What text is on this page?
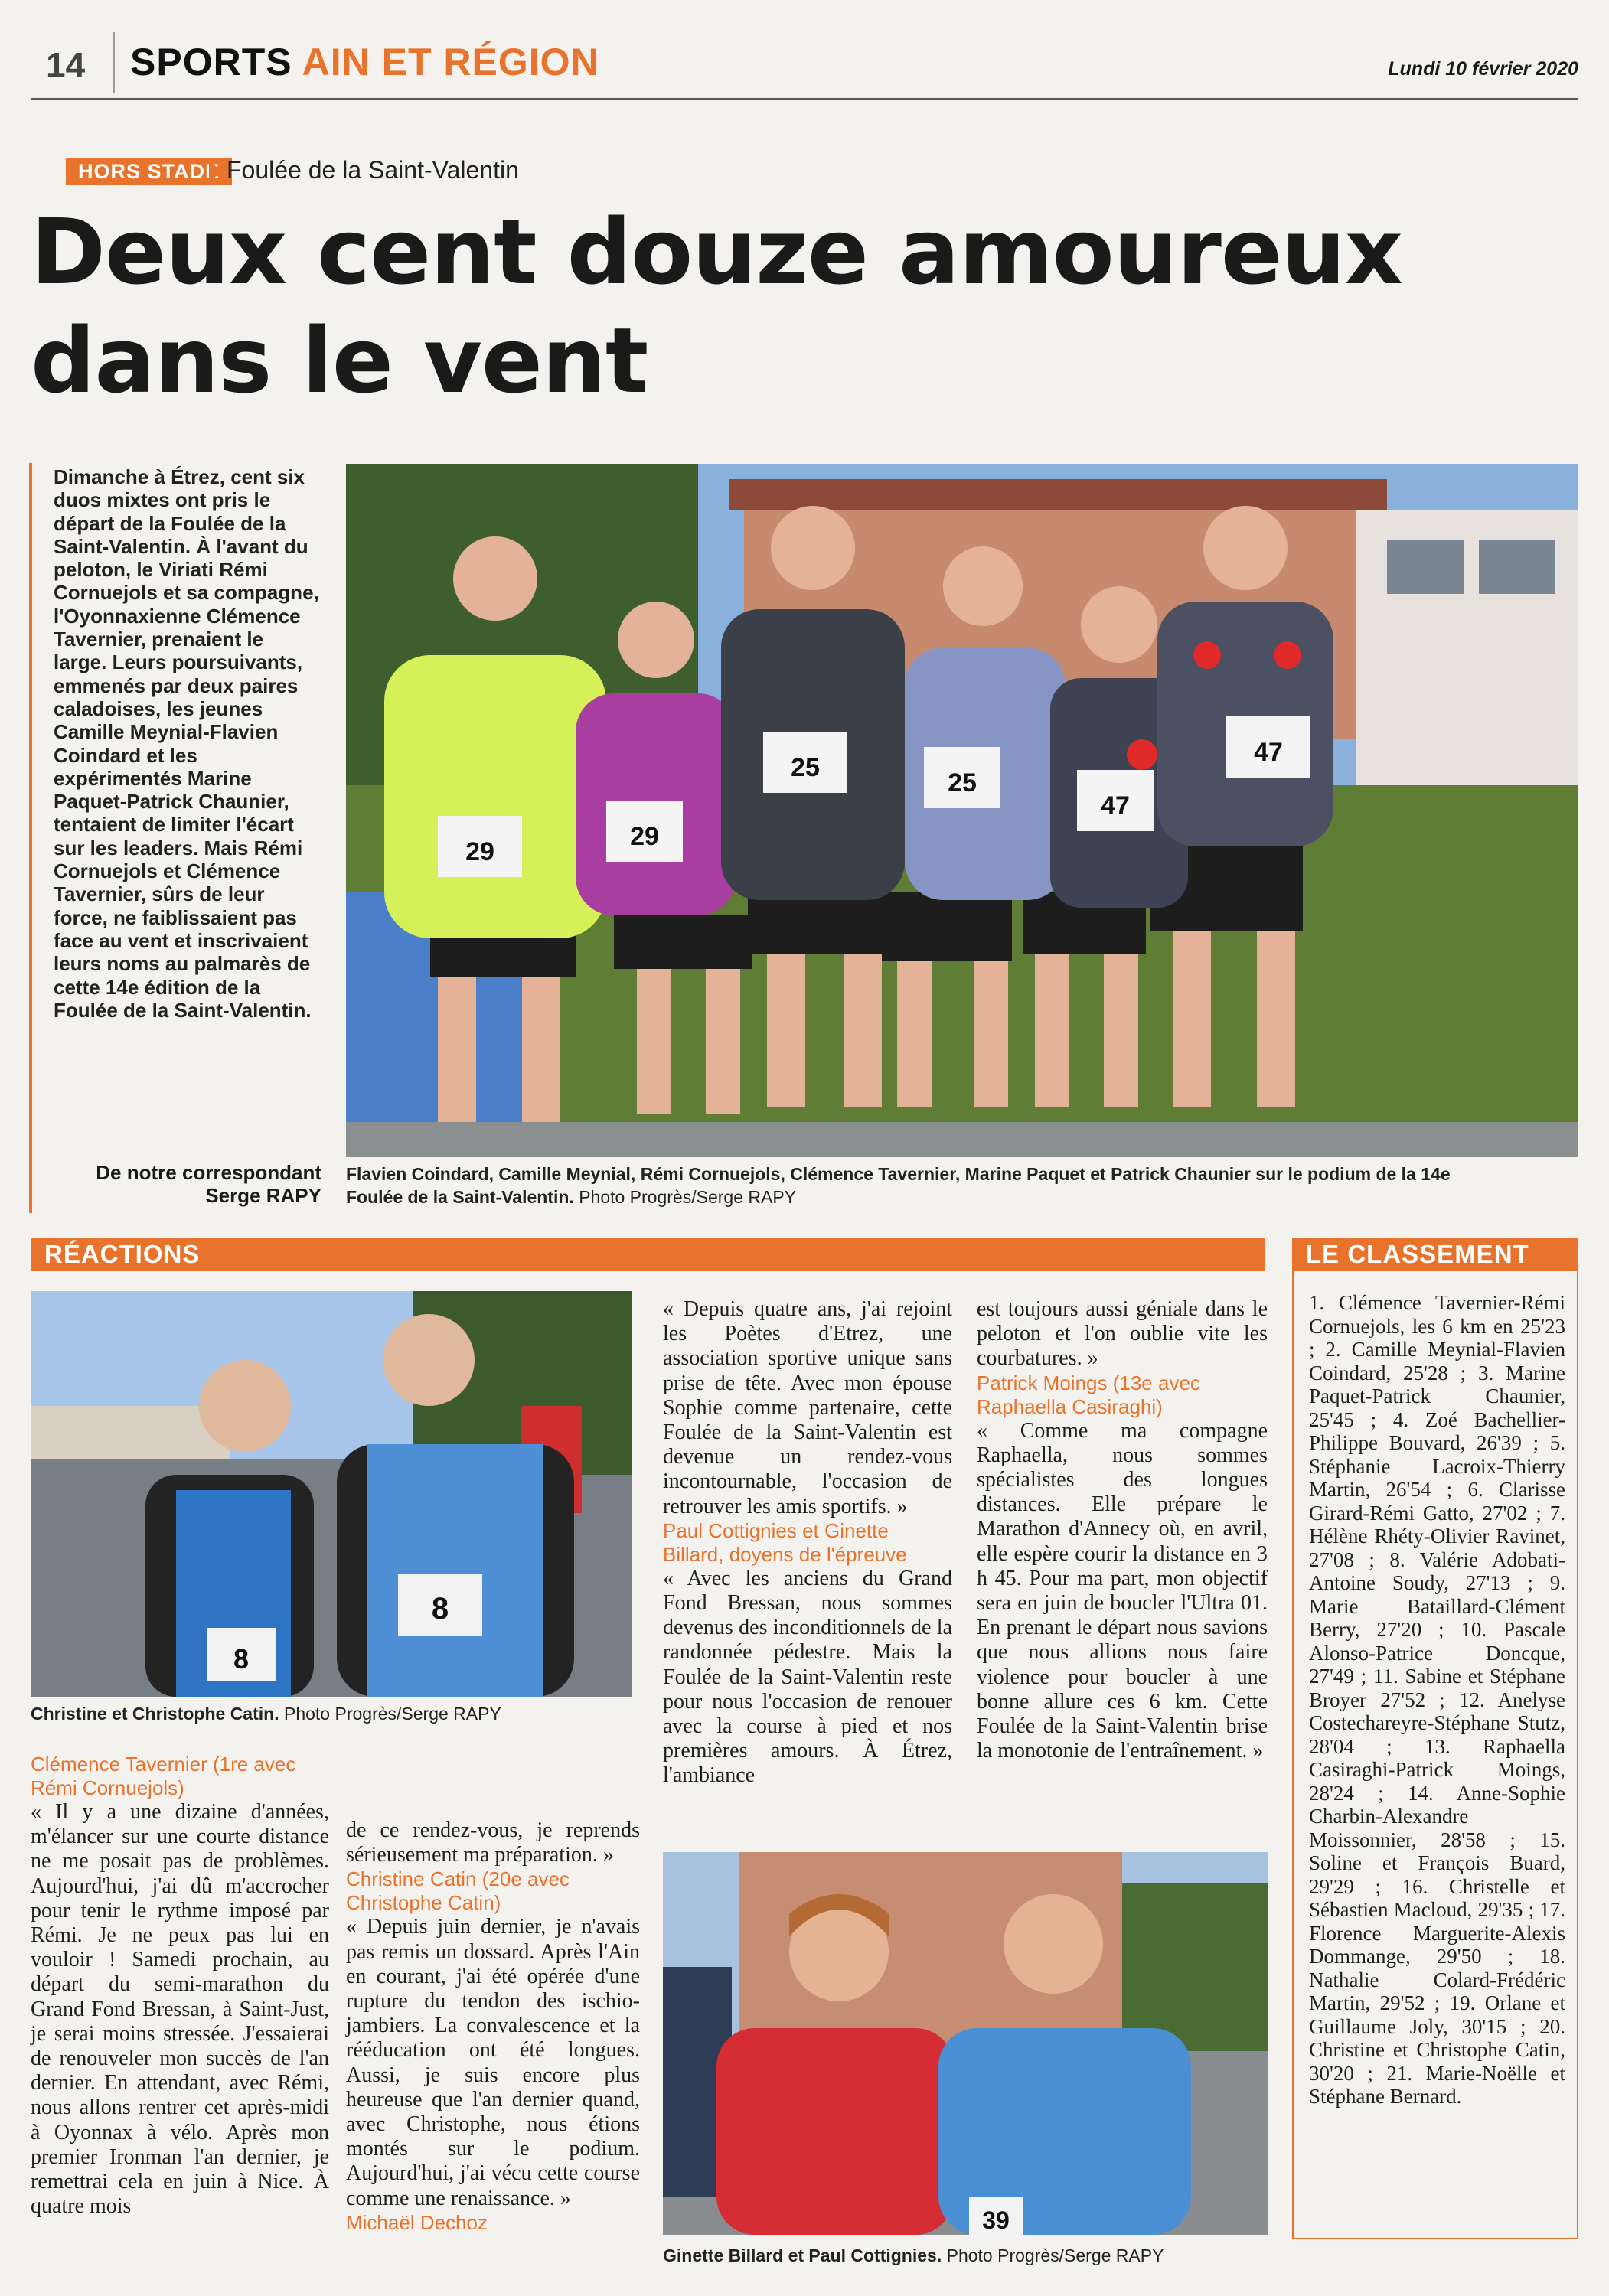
14 SPORTS AIN ET RÉGION	Lundi 10 février 2020
HORS STADE Foulée de la Saint-Valentin
Deux cent douze amoureux
dans le vent
Dimanche à Étrez, cent six duos mixtes ont pris le départ de la Foulée de la Saint-Valentin. À l'avant du peloton, le Viriati Rémi Cornuejols et sa compagne, l'Oyonnaxienne Clémence Tavernier, prenaient le large. Leurs poursuivants, emmenés par deux paires caladoises, les jeunes Camille Meynial-Flavien Coindard et les expérimentés Marine Paquet-Patrick Chaunier, tentaient de limiter l'écart sur les leaders. Mais Rémi Cornuejols et Clémence Tavernier, sûrs de leur force, ne faiblissaient pas face au vent et inscrivaient leurs noms au palmarès de cette 14e édition de la Foulée de la Saint-Valentin.
De notre correspondant
Serge RAPY
29
29
25
25
47
47
Flavien Coindard, Camille Meynial, Rémi Cornuejols, Clémence Tavernier, Marine Paquet et Patrick Chaunier sur le podium de la 14e Foulée de la Saint-Valentin. Photo Progrès/Serge RAPY
RÉACTIONS	LE CLASSEMENT
8
8
Christine et Christophe Catin. Photo Progrès/Serge RAPY

Clémence Tavernier (1re avec Rémi Cornuejols)

« Il y a une dizaine d'années, m'élancer sur une courte distance ne me posait pas de problèmes. Aujourd'hui, j'ai dû m'accrocher pour tenir le rythme imposé par Rémi. Je ne peux pas lui en vouloir ! Samedi prochain, au départ du semi-marathon du Grand Fond Bressan, à Saint-Just, je serai moins stressée. J'essaierai de renouveler mon succès de l'an dernier. En attendant, avec Rémi, nous allons rentrer cet après-midi à Oyonnax à vélo. Après mon premier Ironman l'an dernier, je remettrai cela en juin à Nice. À quatre mois

de ce rendez-vous, je reprends sérieusement ma préparation. »

Christine Catin (20e avec Christophe Catin)

« Depuis juin dernier, je n'avais pas remis un dossard. Après l'Ain en courant, j'ai été opérée d'une rupture du tendon des ischio-jambiers. La convalescence et la rééducation ont été longues. Aussi, je suis encore plus heureuse que l'an dernier quand, avec Christophe, nous étions montés sur le podium. Aujourd'hui, j'ai vécu cette course comme une renaissance. »

Michaël Dechoz

« Depuis quatre ans, j'ai rejoint les Poètes d'Etrez, une association sportive unique sans prise de tête. Avec mon épouse Sophie comme partenaire, cette Foulée de la Saint-Valentin est devenue un rendez-vous incontournable, l'occasion de retrouver les amis sportifs. »

Paul Cottignies et Ginette Billard, doyens de l'épreuve

« Avec les anciens du Grand Fond Bressan, nous sommes devenus des inconditionnels de la randonnée pédestre. Mais la Foulée de la Saint-Valentin reste pour nous l'occasion de renouer avec la course à pied et nos premières amours. À Étrez, l'ambiance

est toujours aussi géniale dans le peloton et l'on oublie vite les courbatures. »

Patrick Moings (13e avec Raphaella Casiraghi)

« Comme ma compagne Raphaella, nous sommes spécialistes des longues distances. Elle prépare le Marathon d'Annecy où, en avril, elle espère courir la distance en 3 h 45. Pour ma part, mon objectif sera en juin de boucler l'Ultra 01. En prenant le départ nous savions que nous allions nous faire violence pour boucler à une bonne allure ces 6 km. Cette Foulée de la Saint-Valentin brise la monotonie de l'entraînement. »

39
Ginette Billard et Paul Cottignies. Photo Progrès/Serge RAPY
1. Clémence Tavernier-Rémi Cornuejols, les 6 km en 25'23 ; 2. Camille Meynial-Flavien Coindard, 25'28 ; 3. Marine Paquet-Patrick Chaunier, 25'45 ; 4. Zoé Bachellier-Philippe Bouvard, 26'39 ; 5. Stéphanie Lacroix-Thierry Martin, 26'54 ; 6. Clarisse Girard-Rémi Gatto, 27'02 ; 7. Hélène Rhéty-Olivier Ravinet, 27'08 ; 8. Valérie Adobati-Antoine Soudy, 27'13 ; 9. Marie Bataillard-Clément Berry, 27'20 ; 10. Pascale Alonso-Patrice Doncque, 27'49 ; 11. Sabine et Stéphane Broyer 27'52 ; 12. Anelyse Costechareyre-Stéphane Stutz, 28'04 ; 13. Raphaella Casiraghi-Patrick Moings, 28'24 ; 14. Anne-Sophie Charbin-Alexandre Moissonnier, 28'58 ; 15. Soline et François Buard, 29'29 ; 16. Christelle et Sébastien Macloud, 29'35 ; 17. Florence Marguerite-Alexis Dommange, 29'50 ; 18. Nathalie Colard-Frédéric Martin, 29'52 ; 19. Orlane et Guillaume Joly, 30'15 ; 20. Christine et Christophe Catin, 30'20 ; 21. Marie-Noëlle et Stéphane Bernard.
